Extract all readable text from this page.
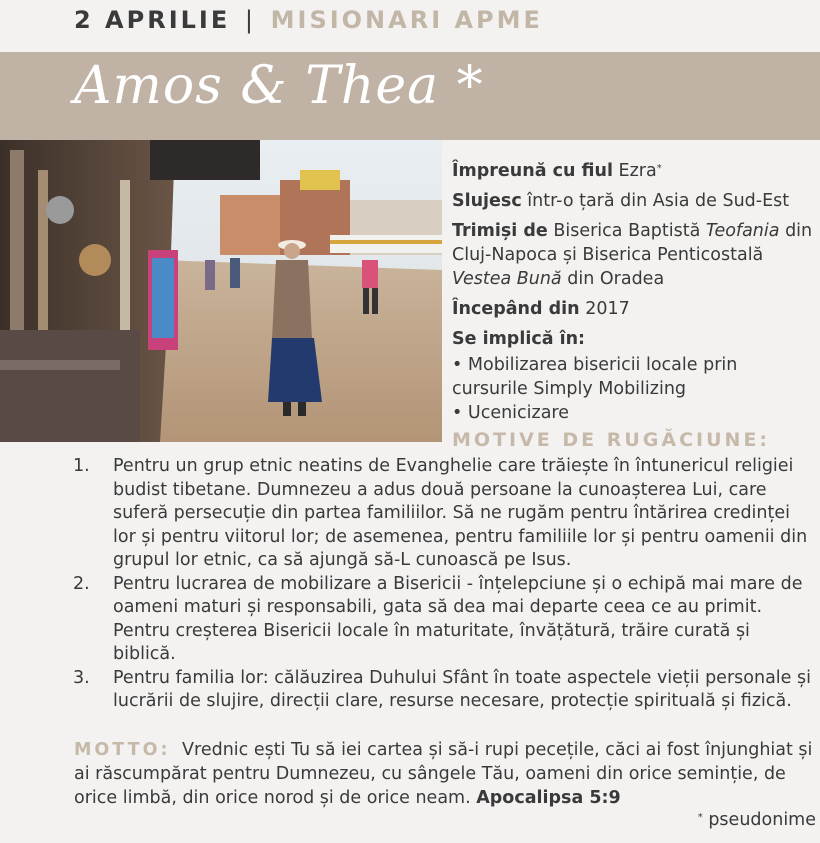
2 APRILIE | MISIONARI APME
Amos & Thea *
Împreună cu fiul Ezra*
Slujesc într-o țară din Asia de Sud-Est
Trimiși de Biserica Baptistă Teofania din Cluj-Napoca și Biserica Penticostală Vestea Bună din Oradea
Începând din 2017
Se implică în:
• Mobilizarea bisericii locale prin cursurile Simply Mobilizing
• Ucenicizare
MOTIVE DE RUGĂCIUNE:
1. Pentru un grup etnic neatins de Evanghelie care trăiește în întunericul religiei budist tibetane. Dumnezeu a adus două persoane la cunoașterea Lui, care suferă persecuție din partea familiilor. Să ne rugăm pentru întărirea credinței lor și pentru viitorul lor; de asemenea, pentru familiile lor și pentru oamenii din grupul lor etnic, ca să ajungă să-L cunoască pe Isus.
2. Pentru lucrarea de mobilizare a Bisericii - înțelepciune și o echipă mai mare de oameni maturi și responsabili, gata să dea mai departe ceea ce au primit. Pentru creșterea Bisericii locale în maturitate, învățătură, trăire curată și biblică.
3. Pentru familia lor: călăuzirea Duhului Sfânt în toate aspectele vieții personale și lucrării de slujire, direcții clare, resurse necesare, protecție spirituală și fizică.
MOTTO: Vrednic ești Tu să iei cartea și să-i rupi pecețile, căci ai fost înjunghiat și ai răscumpărat pentru Dumnezeu, cu sângele Tău, oameni din orice seminție, de orice limbă, din orice norod și de orice neam. Apocalipsa 5:9
* pseudonime
